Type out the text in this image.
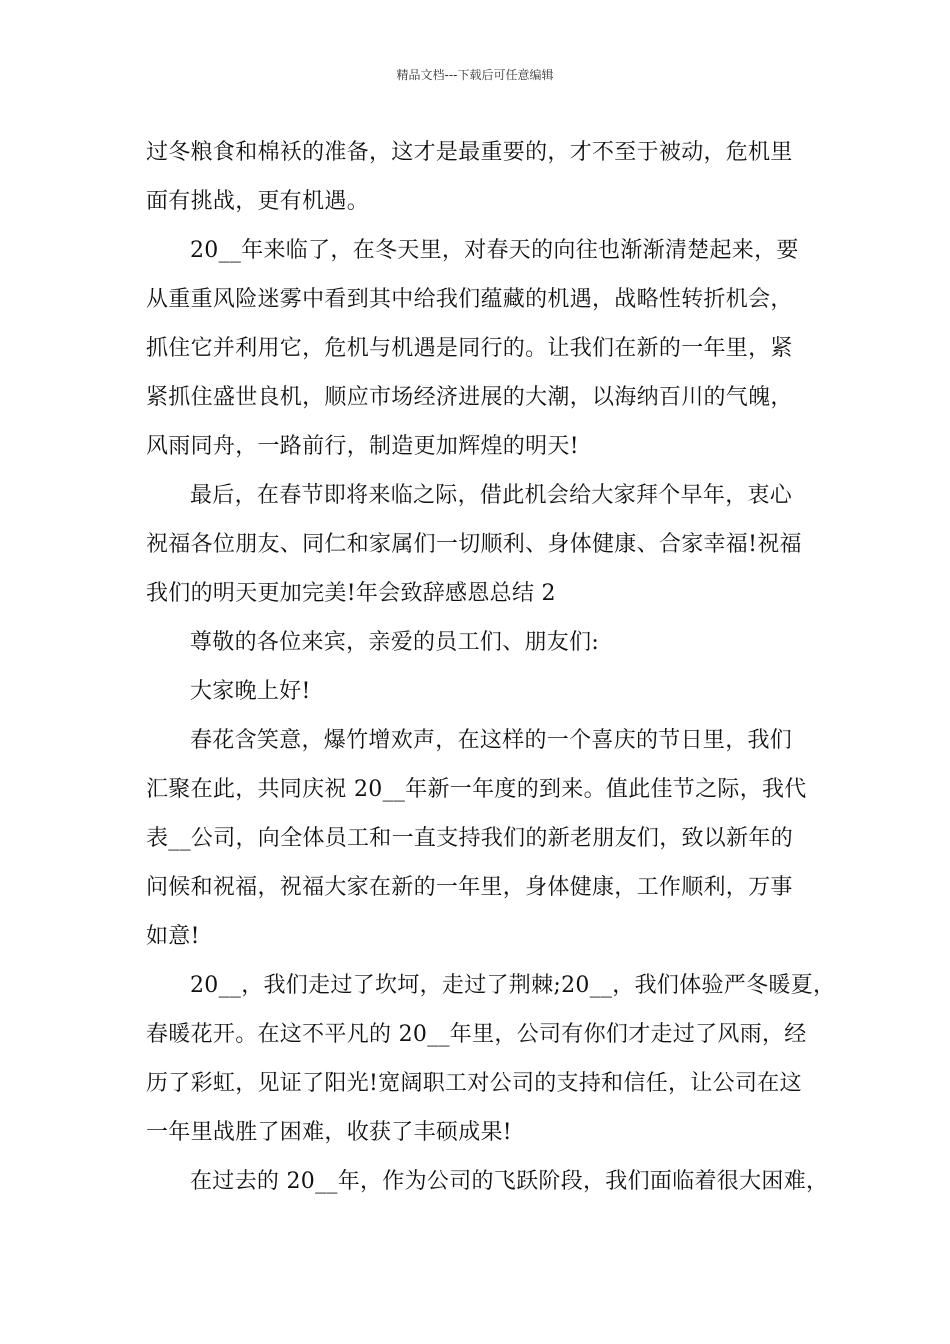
精品文档---下载后可任意编辑
过冬粮食和棉袄的准备，这才是最重要的，才不至于被动，危机里
面有挑战，更有机遇。
20__年来临了，在冬天里，对春天的向往也渐渐清楚起来，要
从重重风险迷雾中看到其中给我们蕴藏的机遇，战略性转折机会，
抓住它并利用它，危机与机遇是同行的。让我们在新的一年里，紧
紧抓住盛世良机，顺应市场经济进展的大潮，以海纳百川的气魄，
风雨同舟，一路前行，制造更加辉煌的明天!
最后，在春节即将来临之际，借此机会给大家拜个早年，衷心
祝福各位朋友、同仁和家属们一切顺利、身体健康、合家幸福!祝福
我们的明天更加完美!年会致辞感恩总结 2
尊敬的各位来宾，亲爱的员工们、朋友们:
大家晚上好!
春花含笑意，爆竹增欢声，在这样的一个喜庆的节日里，我们
汇聚在此，共同庆祝 20__年新一年度的到来。值此佳节之际，我代
表__公司，向全体员工和一直支持我们的新老朋友们，致以新年的
问候和祝福，祝福大家在新的一年里，身体健康，工作顺利，万事
如意!
20__，我们走过了坎坷，走过了荆棘;20__，我们体验严冬暖夏，
春暖花开。在这不平凡的 20__年里，公司有你们才走过了风雨，经
历了彩虹，见证了阳光!宽阔职工对公司的支持和信任，让公司在这
一年里战胜了困难，收获了丰硕成果!
在过去的 20__年，作为公司的飞跃阶段，我们面临着很大困难，
